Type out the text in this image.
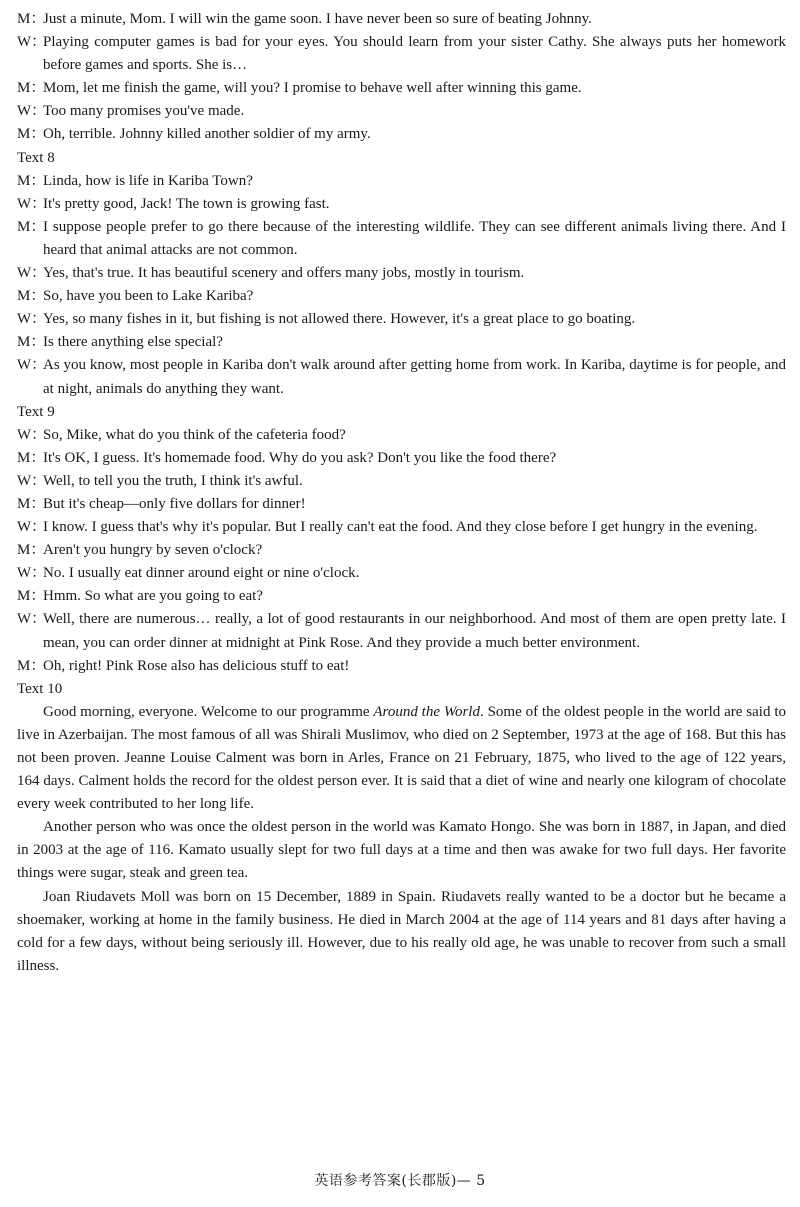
M：Just a minute, Mom. I will win the game soon. I have never been so sure of beating Johnny.
W：Playing computer games is bad for your eyes. You should learn from your sister Cathy. She always puts her homework before games and sports. She is…
M：Mom, let me finish the game, will you? I promise to behave well after winning this game.
W：Too many promises you've made.
M：Oh, terrible. Johnny killed another soldier of my army.
Text 8
M：Linda, how is life in Kariba Town?
W：It's pretty good, Jack! The town is growing fast.
M：I suppose people prefer to go there because of the interesting wildlife. They can see different animals living there. And I heard that animal attacks are not common.
W：Yes, that's true. It has beautiful scenery and offers many jobs, mostly in tourism.
M：So, have you been to Lake Kariba?
W：Yes, so many fishes in it, but fishing is not allowed there. However, it's a great place to go boating.
M：Is there anything else special?
W：As you know, most people in Kariba don't walk around after getting home from work. In Kariba, daytime is for people, and at night, animals do anything they want.
Text 9
W：So, Mike, what do you think of the cafeteria food?
M：It's OK, I guess. It's homemade food. Why do you ask? Don't you like the food there?
W：Well, to tell you the truth, I think it's awful.
M：But it's cheap—only five dollars for dinner!
W：I know. I guess that's why it's popular. But I really can't eat the food. And they close before I get hungry in the evening.
M：Aren't you hungry by seven o'clock?
W：No. I usually eat dinner around eight or nine o'clock.
M：Hmm. So what are you going to eat?
W：Well, there are numerous… really, a lot of good restaurants in our neighborhood. And most of them are open pretty late. I mean, you can order dinner at midnight at Pink Rose. And they provide a much better environment.
M：Oh, right! Pink Rose also has delicious stuff to eat!
Text 10
Good morning, everyone. Welcome to our programme Around the World. Some of the oldest people in the world are said to live in Azerbaijan. The most famous of all was Shirali Muslimov, who died on 2 September, 1973 at the age of 168. But this has not been proven. Jeanne Louise Calment was born in Arles, France on 21 February, 1875, who lived to the age of 122 years, 164 days. Calment holds the record for the oldest person ever. It is said that a diet of wine and nearly one kilogram of chocolate every week contributed to her long life.
Another person who was once the oldest person in the world was Kamato Hongo. She was born in 1887, in Japan, and died in 2003 at the age of 116. Kamato usually slept for two full days at a time and then was awake for two full days. Her favorite things were sugar, steak and green tea.
Joan Riudavets Moll was born on 15 December, 1889 in Spain. Riudavets really wanted to be a doctor but he became a shoemaker, working at home in the family business. He died in March 2004 at the age of 114 years and 81 days after having a cold for a few days, without being seriously ill. However, due to his really old age, he was unable to recover from such a small illness.
英语参考答案(长郡版)— 5
